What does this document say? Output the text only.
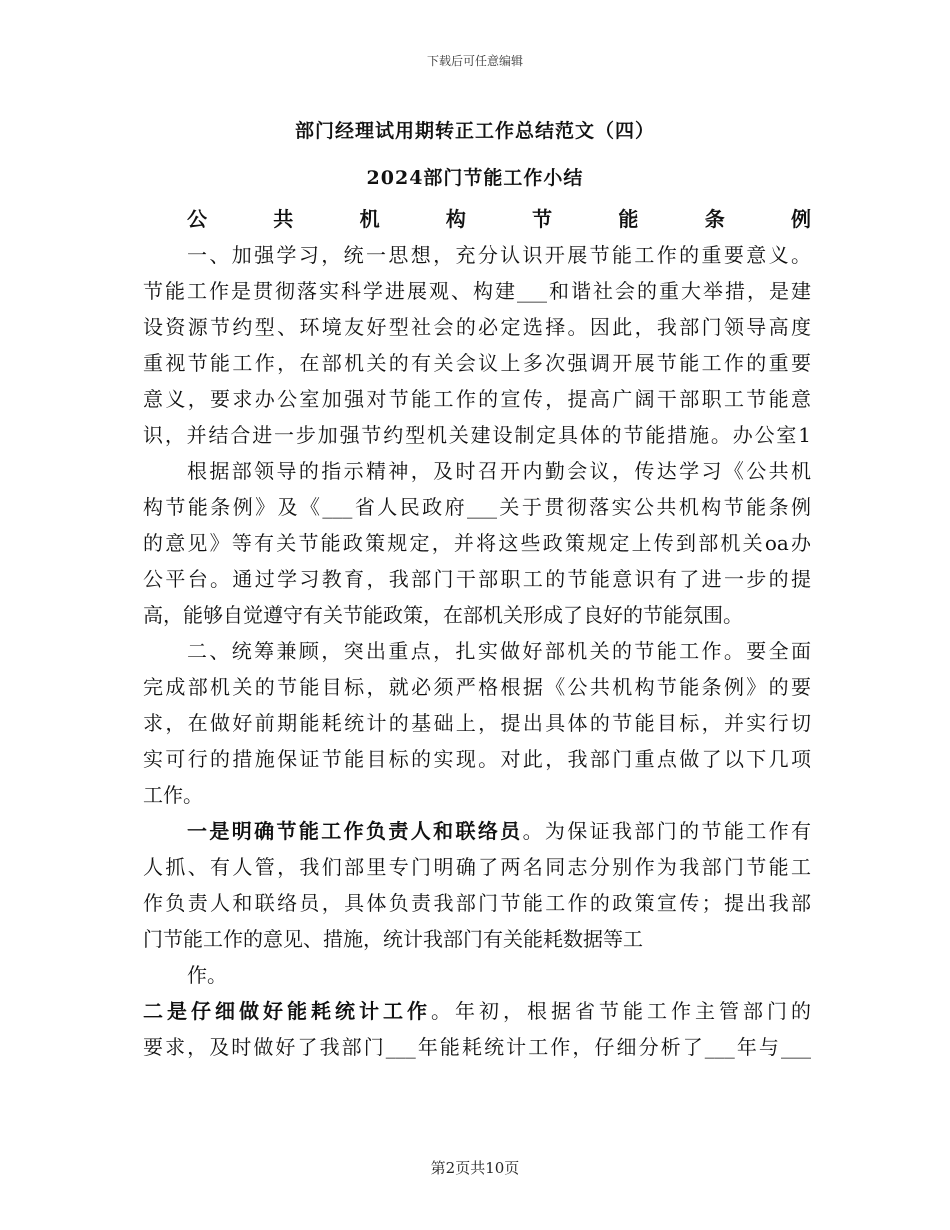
下载后可任意编辑
部门经理试用期转正工作总结范文（四）
2024部门节能工作小结
公共机构节能条例
一、加强学习，统一思想，充分认识开展节能工作的重要意义。
节能工作是贯彻落实科学进展观、构建___和谐社会的重大举措，是建
设资源节约型、环境友好型社会的必定选择。因此，我部门领导高度
重视节能工作，在部机关的有关会议上多次强调开展节能工作的重要
意义，要求办公室加强对节能工作的宣传，提高广阔干部职工节能意
识，并结合进一步加强节约型机关建设制定具体的节能措施。办公室1
根据部领导的指示精神，及时召开内勤会议，传达学习《公共机
构节能条例》及《___省人民政府___关于贯彻落实公共机构节能条例
的意见》等有关节能政策规定，并将这些政策规定上传到部机关oa办
公平台。通过学习教育，我部门干部职工的节能意识有了进一步的提
高，能够自觉遵守有关节能政策，在部机关形成了良好的节能氛围。
二、统筹兼顾，突出重点，扎实做好部机关的节能工作。要全面
完成部机关的节能目标，就必须严格根据《公共机构节能条例》的要
求，在做好前期能耗统计的基础上，提出具体的节能目标，并实行切
实可行的措施保证节能目标的实现。对此，我部门重点做了以下几项
工作。
一是明确节能工作负责人和联络员。为保证我部门的节能工作有
人抓、有人管，我们部里专门明确了两名同志分别作为我部门节能工
作负责人和联络员，具体负责我部门节能工作的政策宣传；提出我部
门节能工作的意见、措施，统计我部门有关能耗数据等工
作。
二是仔细做好能耗统计工作。年初，根据省节能工作主管部门的
要求，及时做好了我部门___年能耗统计工作，仔细分析了___年与___
第2页共10页
